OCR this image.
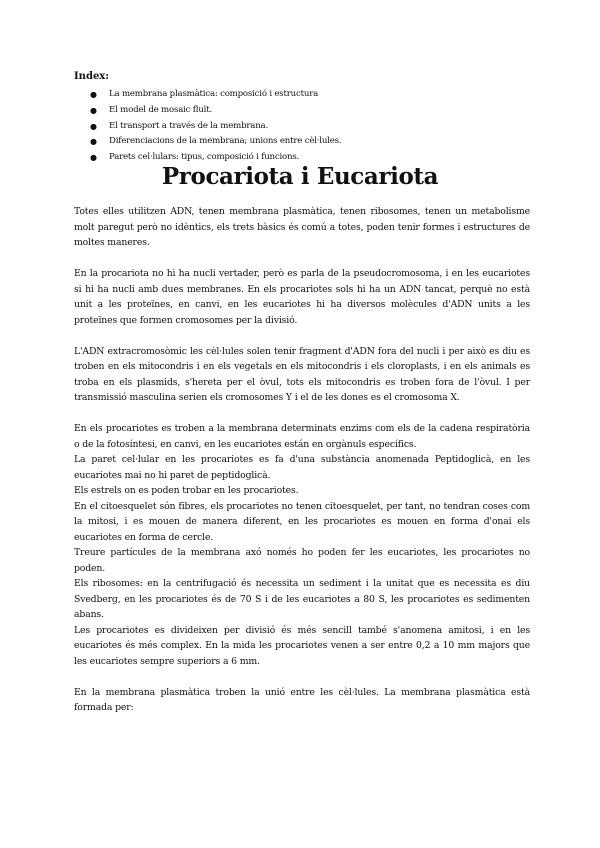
Index:
● La membrana plasmàtica: composició i estructura
● El model de mosaic fluït.
● El transport a través de la membrana.
● Diferenciacions de la membrana; unions entre cèl·lules.
● Parets cel·lulars: tipus, composició i funcions.
Procariota i Eucariota

Totes elles utilitzen ADN, tenen membrana plasmàtica, tenen ribosomes, tenen un metabolisme molt paregut però no idèntics, els trets bàsics és comú a totes, poden tenir formes i estructures de moltes maneres.

En la procariota no hi ha nucli vertader, però es parla de la pseudocromosoma, i en les eucariotes si hi ha nucli amb dues membranes. En els procariotes sols hi ha un ADN tancat, perquè no està unit a les proteïnes, en canvi, en les eucariotes hi ha diversos molècules d'ADN units a les proteïnes que formen cromosomes per la divisió.

L'ADN extracromosòmic les cèl·lules solen tenir fragment d'ADN fora del nucli i per això es diu es troben en els mitocondris i en els vegetals en els mitocondris i els cloroplasts, i en els animals es troba en els plasmids, s'hereta per el òvul, tots els mitocondris es troben fora de l'òvul. I per transmissió masculina serien els cromosomes Y i el de les dones es el cromosoma X.

En els procariotes es troben a la membrana determinats enzims com els de la cadena respiratòria o de la fotosíntesi, en canvi, en les eucariotes están en orgànuls específics.

La paret cel·lular en les procariotes es fa d'una substància anomenada Peptidoglicà, en les eucariotes mai no hi paret de peptidoglicà.

Els estrels on es poden trobar en les procariotes.

En el citoesquelet són fibres, els procariotes no tenen citoesquelet, per tant, no tendran coses com la mitosi, i es mouen de manera diferent, en les procariotes es mouen en forma d'onai els eucariotes en forma de cercle.

Treure partícules de la membrana axó només ho poden fer les eucariotes, les procariotes no poden.

Els ribosomes: en la centrifugació és necessita un sediment i la unitat que es necessita es diu Svedberg, en les procariotes és de 70 S i de les eucariotes a 80 S, les procariotes es sedimenten abans.

Les procariotes es divideixen per divisió és més sencill també s'anomena amitosi, i en les eucariotes és més complex. En la mida les procariotes venen a ser entre 0,2 a 10 mm majors que les eucariotes sempre superiors a 6 mm.

En la membrana plasmàtica troben la unió entre les cèl·lules. La membrana plasmàtica està formada per:
